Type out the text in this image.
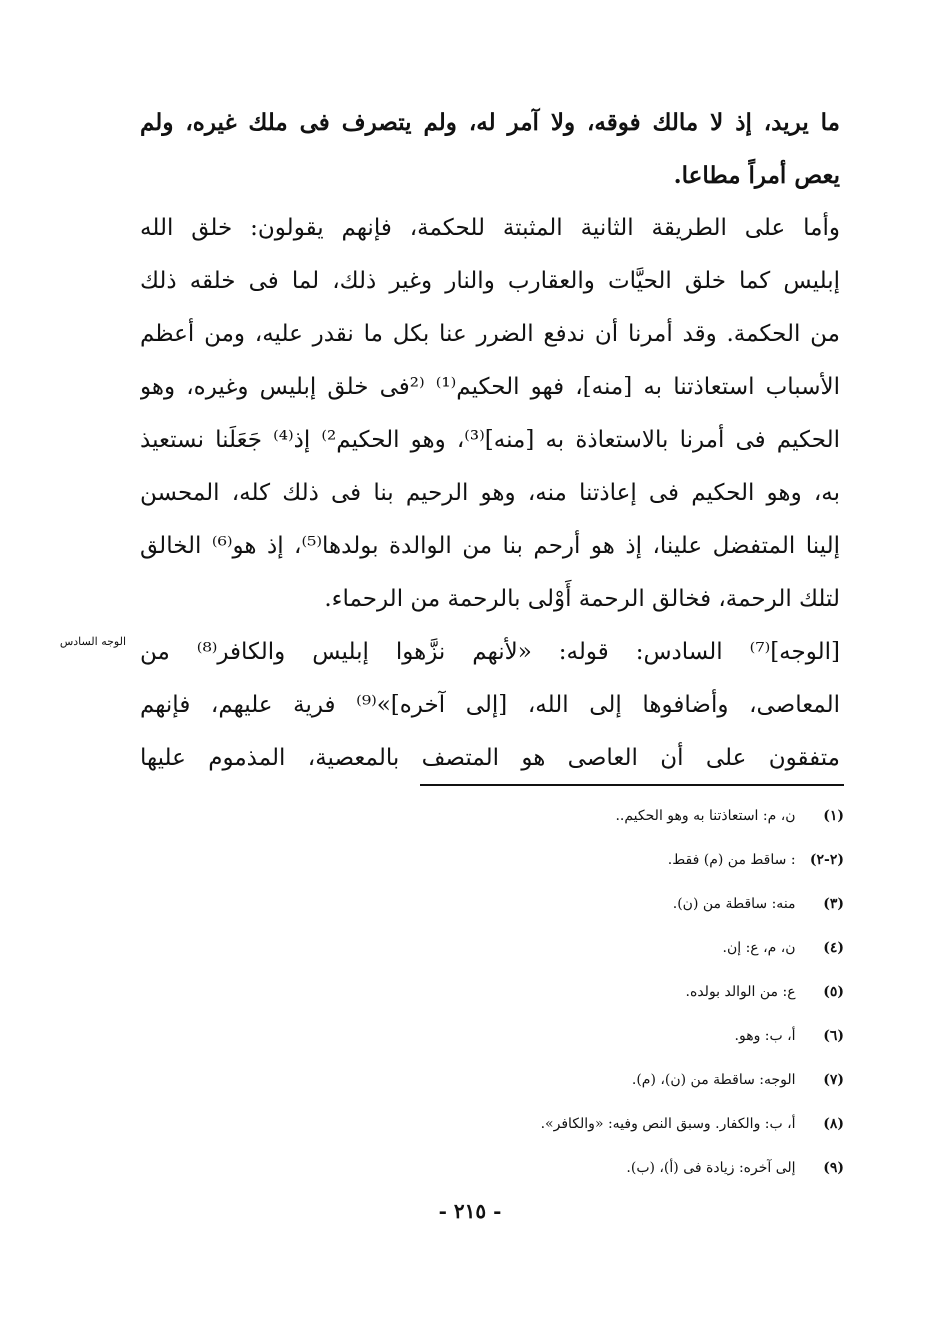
ما يريد، إذ لا مالك فوقه، ولا آمر له، ولم يتصرف فى ملك غيره، ولم
يعص أمراً مطاعا.
وأما على الطريقة الثانية المثبتة للحكمة، فإنهم يقولون: خلق الله
إبليس كما خلق الحيَّات والعقارب والنار وغير ذلك، لما فى خلقه ذلك
من الحكمة. وقد أمرنا أن ندفع الضرر عنا بكل ما نقدر عليه، ومن أعظم
الأسباب استعاذتنا به [منه]، فهو الحكيم⁽¹⁾ ⁽²فى خلق إبليس وغيره، وهو
الحكيم فى أمرنا بالاستعاذة به [منه]⁽³⁾، وهو الحكيم²⁾ إذ⁽⁴⁾ جَعَلَنا نستعيذ
به، وهو الحكيم فى إعاذتنا منه، وهو الرحيم بنا فى ذلك كله، المحسن
إلينا المتفضل علينا، إذ هو أرحم بنا من الوالدة بولدها⁽⁵⁾، إذ هو⁽⁶⁾ الخالق
لتلك الرحمة، فخالق الرحمة أَوْلى بالرحمة من الرحماء.
[الوجه]⁽⁷⁾ السادس: قوله: «لأنهم نزَّهوا إبليس والكافر⁽⁸⁾ من
المعاصى، وأضافوها إلى الله، [إلى آخره]»⁽⁹⁾ فرية عليهم، فإنهم
متفقون على أن العاصى هو المتصف بالمعصية، المذموم عليها
الوجه السادس
(١) ن، م: استعاذتنا به وهو الحكيم..
(٢-٢) : ساقط من (م) فقط.
(٣) منه: ساقطة من (ن).
(٤) ن، م، ع: إن.
(٥) ع: من الوالد بولده.
(٦) أ، ب: وهو.
(٧) الوجه: ساقطة من (ن)، (م).
(٨) أ، ب: والكفار. وسبق النص وفيه: «والكافر».
(٩) إلى آخره: زيادة فى (أ)، (ب).
- ٢١٥ -
